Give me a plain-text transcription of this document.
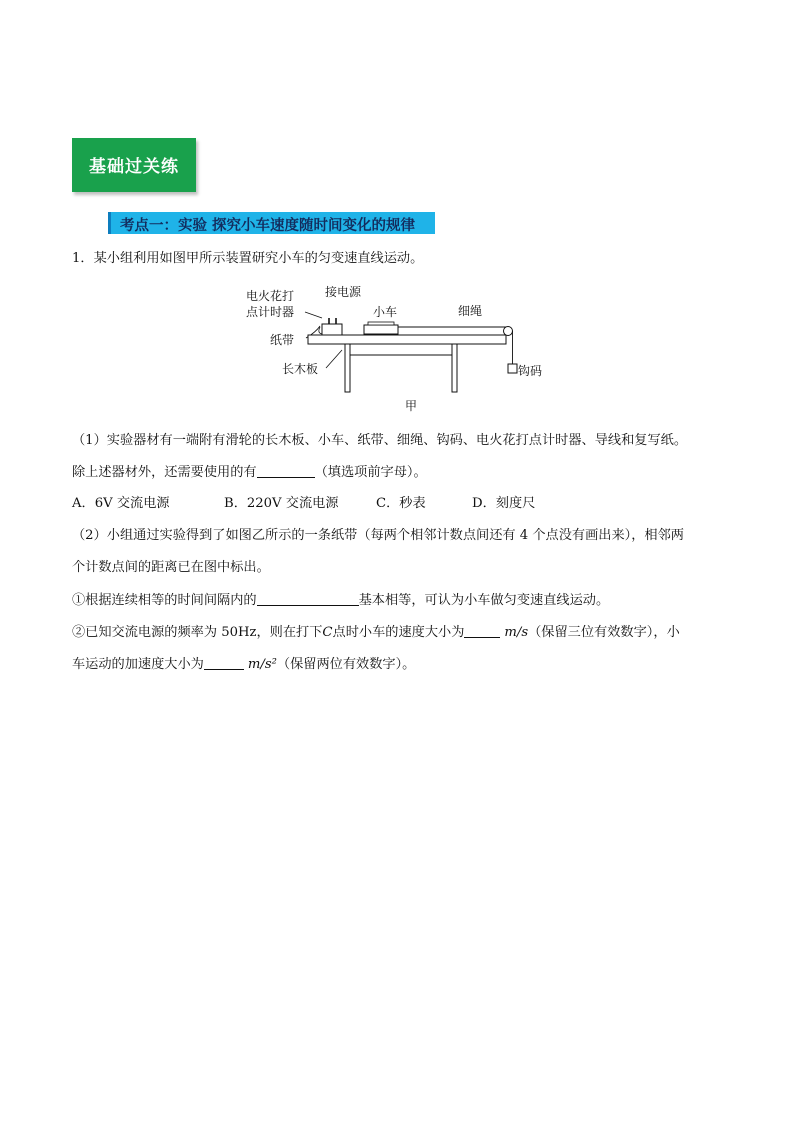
基础过关练
考点一：实验 探究小车速度随时间变化的规律
1．某小组利用如图甲所示装置研究小车的匀变速直线运动。
电火花打
点计时器
接电源
小车	细绳
纸带
长木板	钩码
甲
（1）实验器材有一端附有滑轮的长木板、小车、纸带、细绳、钩码、电火花打点计时器、导线和复写纸。
除上述器材外，还需要使用的有	（填选项前字母）。
A．6V 交流电源	B．220V 交流电源	C．秒表	D．刻度尺
（2）小组通过实验得到了如图乙所示的一条纸带（每两个相邻计数点间还有 4 个点没有画出来），相邻两
个计数点间的距离已在图中标出。
①根据连续相等的时间间隔内的	基本相等，可认为小车做匀变速直线运动。
②已知交流电源的频率为 50Hz，则在打下C点时小车的速度大小为	m/s（保留三位有效数字），小
车运动的加速度大小为	m/s²（保留两位有效数字）。
